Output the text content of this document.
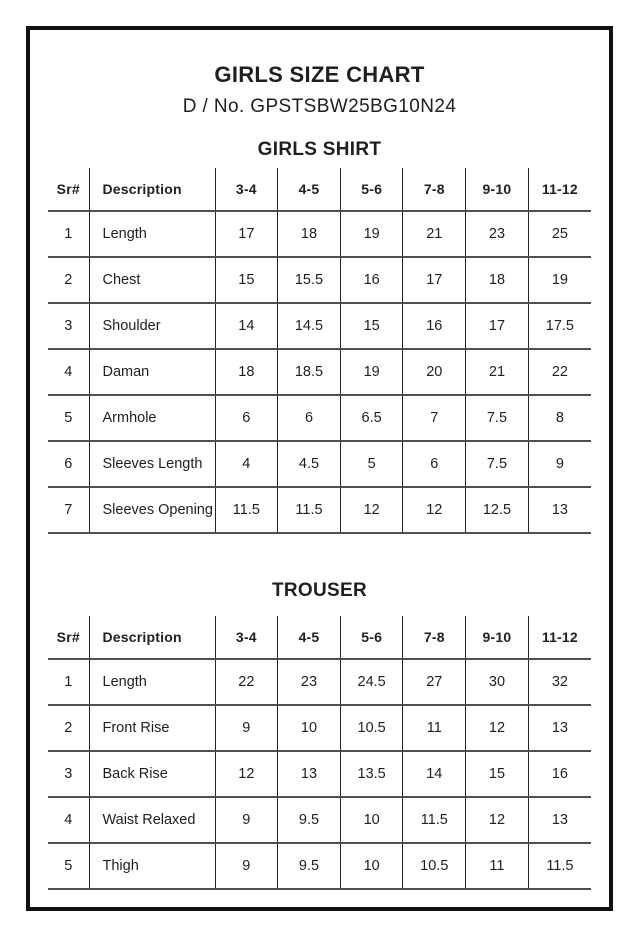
GIRLS SIZE CHART
D / No. GPSTSBW25BG10N24
GIRLS SHIRT
Sr#	Description	3-4	4-5	5-6	7-8	9-10	11-12
1	Length	17	18	19	21	23	25
2	Chest	15	15.5	16	17	18	19
3	Shoulder	14	14.5	15	16	17	17.5
4	Daman	18	18.5	19	20	21	22
5	Armhole	6	6	6.5	7	7.5	8
6	Sleeves Length	4	4.5	5	6	7.5	9
7	Sleeves Opening	11.5	11.5	12	12	12.5	13
TROUSER
Sr#	Description	3-4	4-5	5-6	7-8	9-10	11-12
1	Length	22	23	24.5	27	30	32
2	Front Rise	9	10	10.5	11	12	13
3	Back Rise	12	13	13.5	14	15	16
4	Waist Relaxed	9	9.5	10	11.5	12	13
5	Thigh	9	9.5	10	10.5	11	11.5
